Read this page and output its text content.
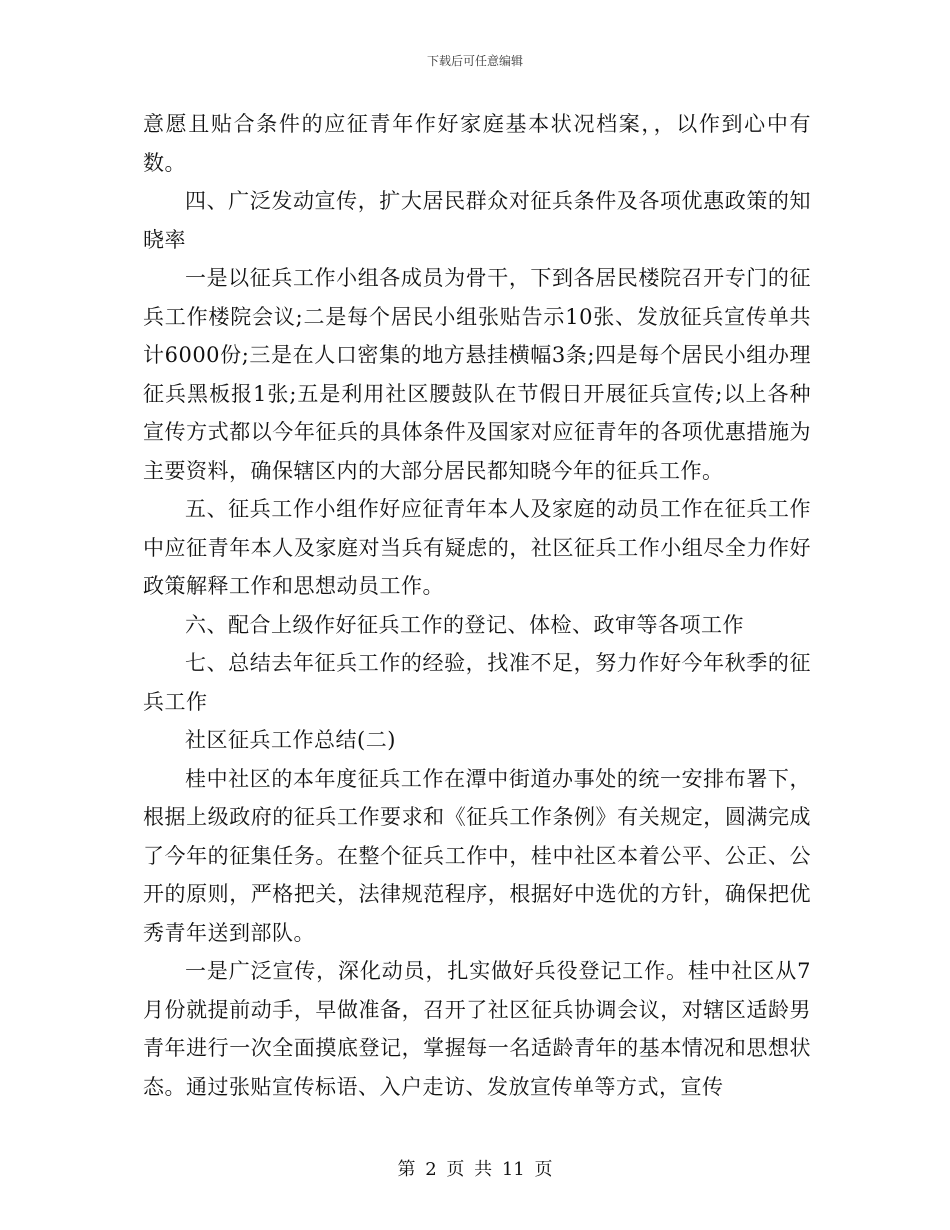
下载后可任意编辑

意愿且贴合条件的应征青年作好家庭基本状况档案，，以作到心中有数。

四、广泛发动宣传，扩大居民群众对征兵条件及各项优惠政策的知晓率

一是以征兵工作小组各成员为骨干，下到各居民楼院召开专门的征兵工作楼院会议;二是每个居民小组张贴告示10张、发放征兵宣传单共计6000份;三是在人口密集的地方悬挂横幅3条;四是每个居民小组办理征兵黑板报1张;五是利用社区腰鼓队在节假日开展征兵宣传;以上各种宣传方式都以今年征兵的具体条件及国家对应征青年的各项优惠措施为主要资料，确保辖区内的大部分居民都知晓今年的征兵工作。

五、征兵工作小组作好应征青年本人及家庭的动员工作在征兵工作中应征青年本人及家庭对当兵有疑虑的，社区征兵工作小组尽全力作好政策解释工作和思想动员工作。

六、配合上级作好征兵工作的登记、体检、政审等各项工作

七、总结去年征兵工作的经验，找准不足，努力作好今年秋季的征兵工作

社区征兵工作总结(二)

桂中社区的本年度征兵工作在潭中街道办事处的统一安排布署下，根据上级政府的征兵工作要求和《征兵工作条例》有关规定，圆满完成了今年的征集任务。在整个征兵工作中，桂中社区本着公平、公正、公开的原则，严格把关，法律规范程序，根据好中选优的方针，确保把优秀青年送到部队。

一是广泛宣传，深化动员，扎实做好兵役登记工作。桂中社区从7月份就提前动手，早做准备，召开了社区征兵协调会议，对辖区适龄男青年进行一次全面摸底登记，掌握每一名适龄青年的基本情况和思想状态。通过张贴宣传标语、入户走访、发放宣传单等方式，宣传

第 2 页 共 11 页
